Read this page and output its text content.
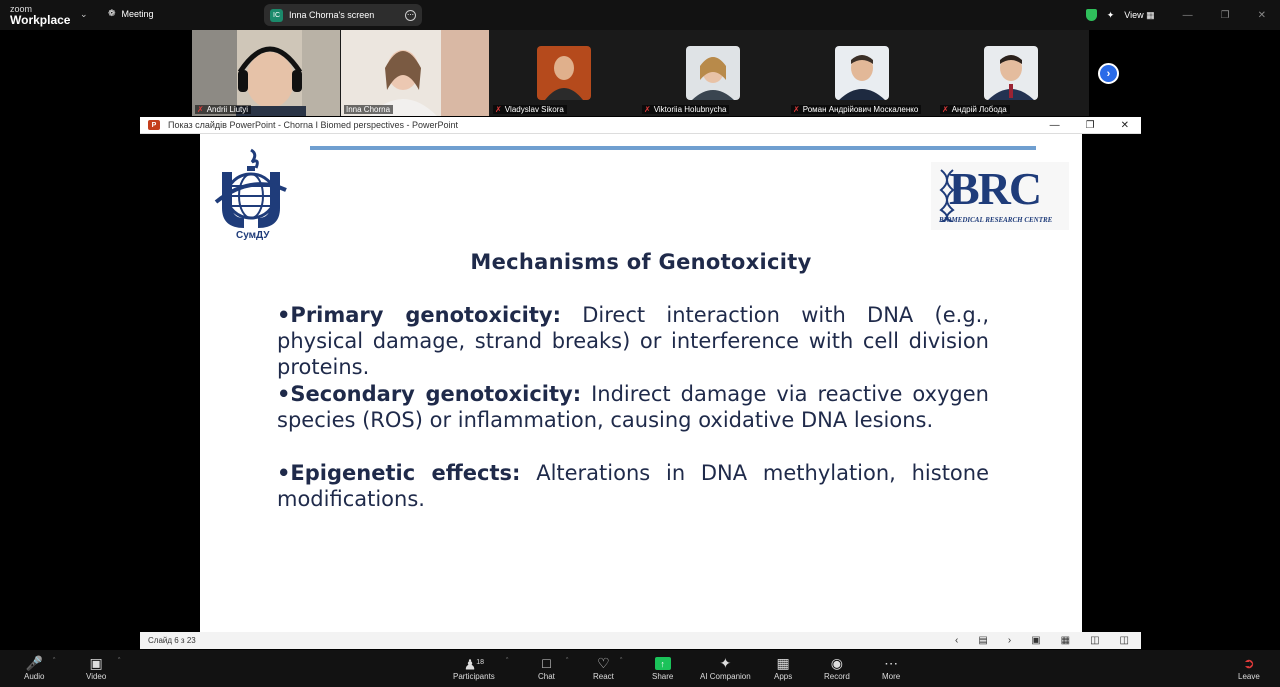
zoom
Workplace ⌄ ❁ Meeting	IC	Inna Chorna's screen	⋯	✦ View ▦	—	❐	✕
✗ Andrii Liutyi	Inna Chorna	✗ Vladyslav Sikora	✗ Viktoriia Holubnycha	✗ Роман Андрійович Москаленко	✗ Андрій Лобода
›
P	Показ слайдів PowerPoint - Chorna I Biomed perspectives - PowerPoint	—	❐	✕
СумДУ
BRC
BIOMEDICAL RESEARCH CENTRE
Mechanisms of Genotoxicity
•Primary genotoxicity: Direct interaction with DNA (e.g., physical damage, strand breaks) or interference with cell division proteins.
•Secondary genotoxicity: Indirect damage via reactive oxygen species (ROS) or inflammation, causing oxidative DNA lesions.
•Epigenetic effects: Alterations in DNA methylation, histone modifications.
Слайд 6 з 23	‹ ▤ › ▣ ▦ ◫ ◫
🎤
Audio
ˆ ▣
Video
ˆ	♟$^{18}$
Participants
ˆ □
Chat
ˆ ♡
React
ˆ	↑
Share
✦
AI Companion
▦
Apps
◉
Record
⋯
More
➲
Leave
